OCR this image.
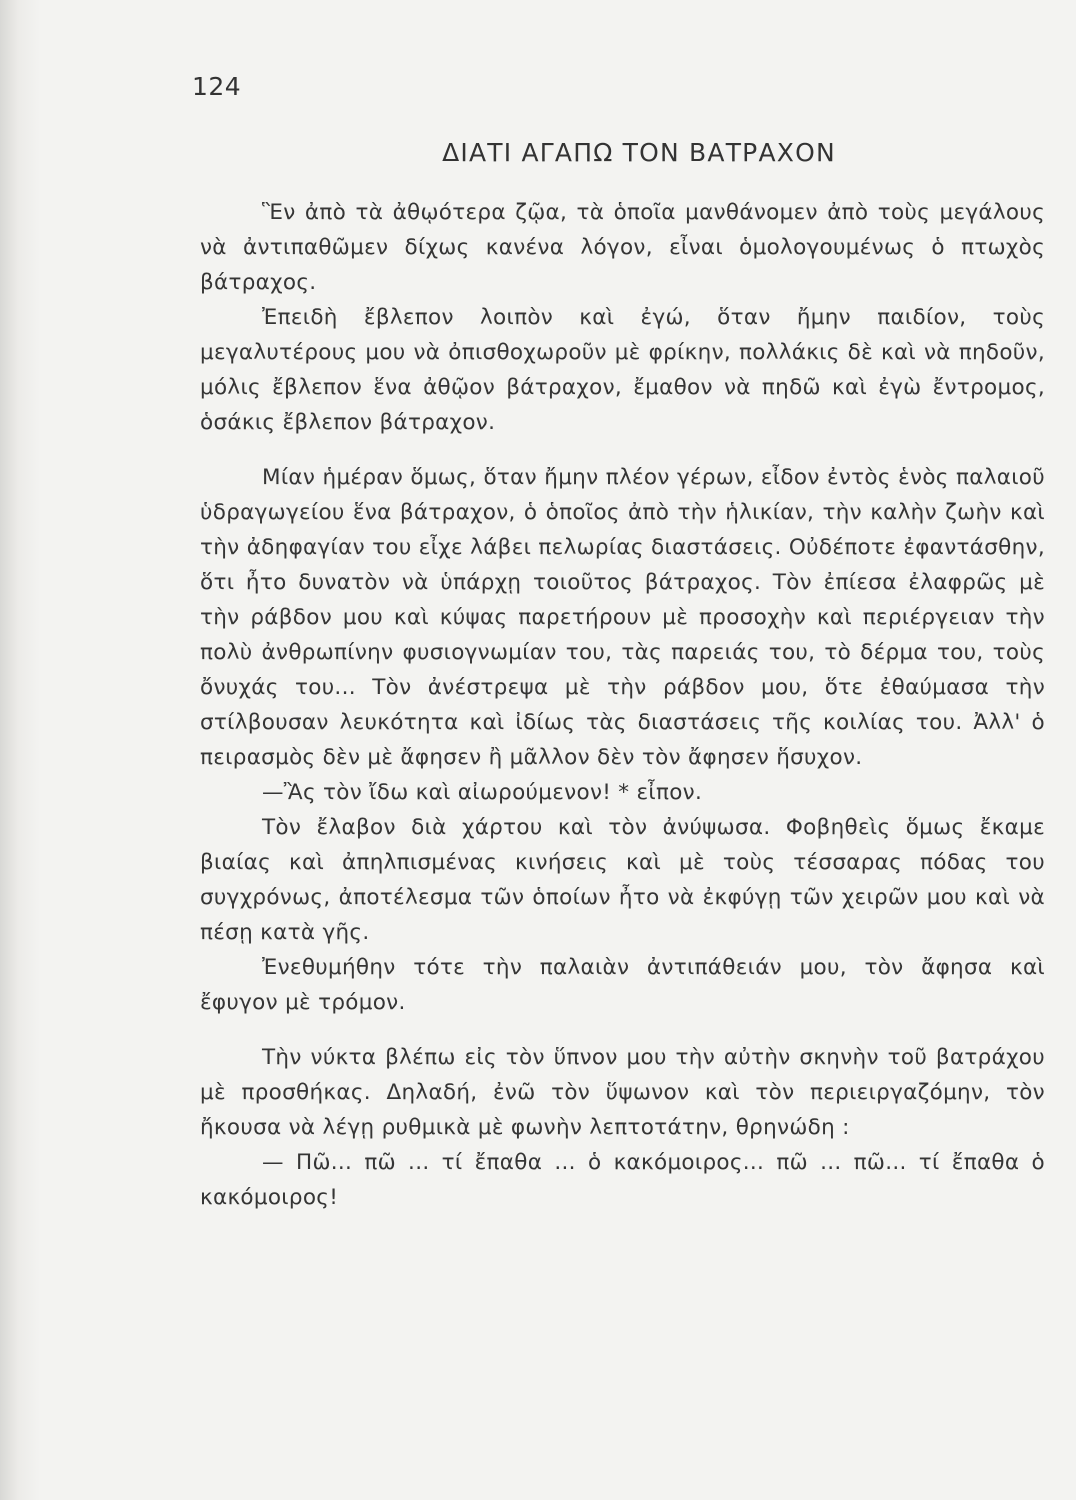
124
ΔΙΑΤΙ ΑΓΑΠΩ ΤΟΝ ΒΑΤΡΑΧΟΝ

Ἓν ἀπὸ τὰ ἀθῳότερα ζῷα, τὰ ὁποῖα μανθάνομεν ἀπὸ τοὺς μεγάλους νὰ ἀντιπαθῶμεν δίχως κανένα λόγον, εἶναι ὁμολογουμένως ὁ πτωχὸς βάτραχος.

Ἐπειδὴ ἔβλεπον λοιπὸν καὶ ἐγώ, ὅταν ἤμην παιδίον, τοὺς μεγαλυτέρους μου νὰ ὀπισθοχωροῦν μὲ φρίκην, πολλάκις δὲ καὶ νὰ πηδοῦν, μόλις ἔβλεπον ἕνα ἀθῷον βάτραχον, ἔμαθον νὰ πηδῶ καὶ ἐγὼ ἔντρομος, ὁσάκις ἔβλεπον βάτραχον.

Μίαν ἡμέραν ὅμως, ὅταν ἤμην πλέον γέρων, εἶδον ἐντὸς ἑνὸς παλαιοῦ ὑδραγωγείου ἕνα βάτραχον, ὁ ὁποῖος ἀπὸ τὴν ἡλικίαν, τὴν καλὴν ζωὴν καὶ τὴν ἀδηφαγίαν του εἶχε λάβει πελωρίας διαστάσεις. Οὐδέποτε ἐφαντάσθην, ὅτι ἦτο δυνατὸν νὰ ὑπάρχῃ τοιοῦτος βάτραχος. Τὸν ἐπίεσα ἐλαφρῶς μὲ τὴν ράβδον μου καὶ κύψας παρετήρουν μὲ προσοχὴν καὶ περιέργειαν τὴν πολὺ ἀνθρωπίνην φυσιογνωμίαν του, τὰς παρειάς του, τὸ δέρμα του, τοὺς ὄνυχάς του... Τὸν ἀνέστρεψα μὲ τὴν ράβδον μου, ὅτε ἐθαύμασα τὴν στίλβουσαν λευκότητα καὶ ἰδίως τὰς διαστάσεις τῆς κοιλίας του. Ἀλλ' ὁ πειρασμὸς δὲν μὲ ἄφησεν ἢ μᾶλλον δὲν τὸν ἄφησεν ἥσυχον.

—Ἂς τὸν ἴδω καὶ αἰωρούμενον! * εἶπον.

Τὸν ἔλαβον διὰ χάρτου καὶ τὸν ἀνύψωσα. Φοβηθεὶς ὅμως ἔκαμε βιαίας καὶ ἀπηλπισμένας κινήσεις καὶ μὲ τοὺς τέσσαρας πόδας του συγχρόνως, ἀποτέλεσμα τῶν ὁποίων ἦτο νὰ ἐκφύγῃ τῶν χειρῶν μου καὶ νὰ πέσῃ κατὰ γῆς.

Ἐνεθυμήθην τότε τὴν παλαιὰν ἀντιπάθειάν μου, τὸν ἄφησα καὶ ἔφυγον μὲ τρόμον.

Τὴν νύκτα βλέπω εἰς τὸν ὕπνον μου τὴν αὐτὴν σκηνὴν τοῦ βατράχου μὲ προσθήκας. Δηλαδή, ἐνῶ τὸν ὕψωνον καὶ τὸν περιειργαζόμην, τὸν ἤκουσα νὰ λέγῃ ρυθμικὰ μὲ φωνὴν λεπτοτάτην, θρηνώδη :

— Πῶ... πῶ ... τί ἔπαθα ... ὁ κακόμοιρος... πῶ ... πῶ... τί ἔπαθα ὁ κακόμοιρος!
